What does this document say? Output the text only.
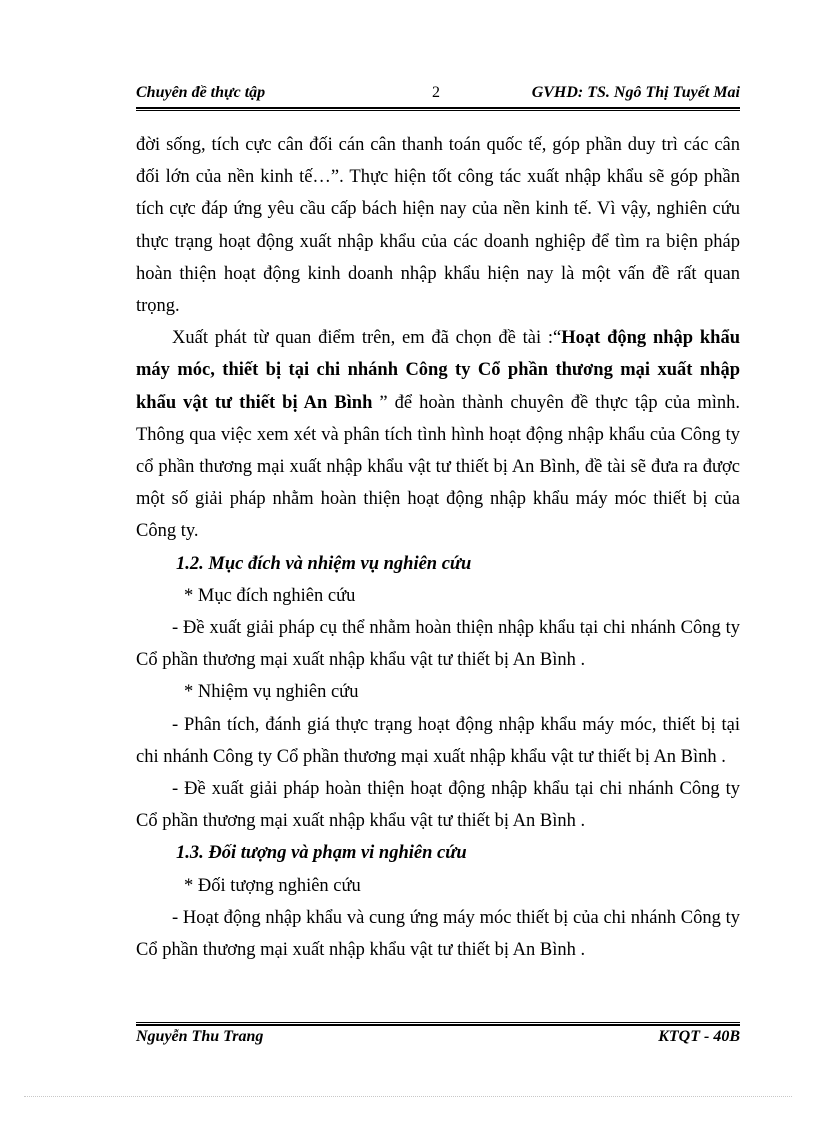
Chuyên đề thực tập	2	GVHD: TS. Ngô Thị Tuyết Mai

đời sống, tích cực cân đối cán cân thanh toán quốc tế, góp phần duy trì các cân đối lớn của nền kinh tế…”. Thực hiện tốt công tác xuất nhập khẩu sẽ góp phần tích cực đáp ứng yêu cầu cấp bách hiện nay của nền kinh tế. Vì vậy, nghiên cứu thực trạng hoạt động xuất nhập khẩu của các doanh nghiệp để tìm ra biện pháp hoàn thiện hoạt động kinh doanh nhập khẩu hiện nay là một vấn đề rất quan trọng.

Xuất phát từ quan điểm trên, em đã chọn đề tài :“Hoạt động nhập khẩu máy móc, thiết bị tại chi nhánh Công ty Cổ phần thương mại xuất nhập khẩu vật tư thiết bị An Bình ” để hoàn thành chuyên đề thực tập của mình. Thông qua việc xem xét và phân tích tình hình hoạt động nhập khẩu của Công ty cổ phần thương mại xuất nhập khẩu vật tư thiết bị An Bình, đề tài sẽ đưa ra được một số giải pháp nhằm hoàn thiện hoạt động nhập khẩu máy móc thiết bị của Công ty.

1.2. Mục đích và nhiệm vụ nghiên cứu

* Mục đích nghiên cứu

- Đề xuất giải pháp cụ thể nhằm hoàn thiện nhập khẩu tại chi nhánh Công ty Cổ phần thương mại xuất nhập khẩu vật tư thiết bị An Bình .

* Nhiệm vụ nghiên cứu

- Phân tích, đánh giá thực trạng hoạt động nhập khẩu máy móc, thiết bị tại chi nhánh Công ty Cổ phần thương mại xuất nhập khẩu vật tư thiết bị An Bình .

- Đề xuất giải pháp hoàn thiện hoạt động nhập khẩu tại chi nhánh Công ty Cổ phần thương mại xuất nhập khẩu vật tư thiết bị An Bình .

1.3. Đối tượng và phạm vi nghiên cứu

* Đối tượng nghiên cứu

- Hoạt động nhập khẩu và cung ứng máy móc thiết bị của chi nhánh Công ty Cổ phần thương mại xuất nhập khẩu vật tư thiết bị An Bình .

Nguyễn Thu Trang	KTQT - 40B
